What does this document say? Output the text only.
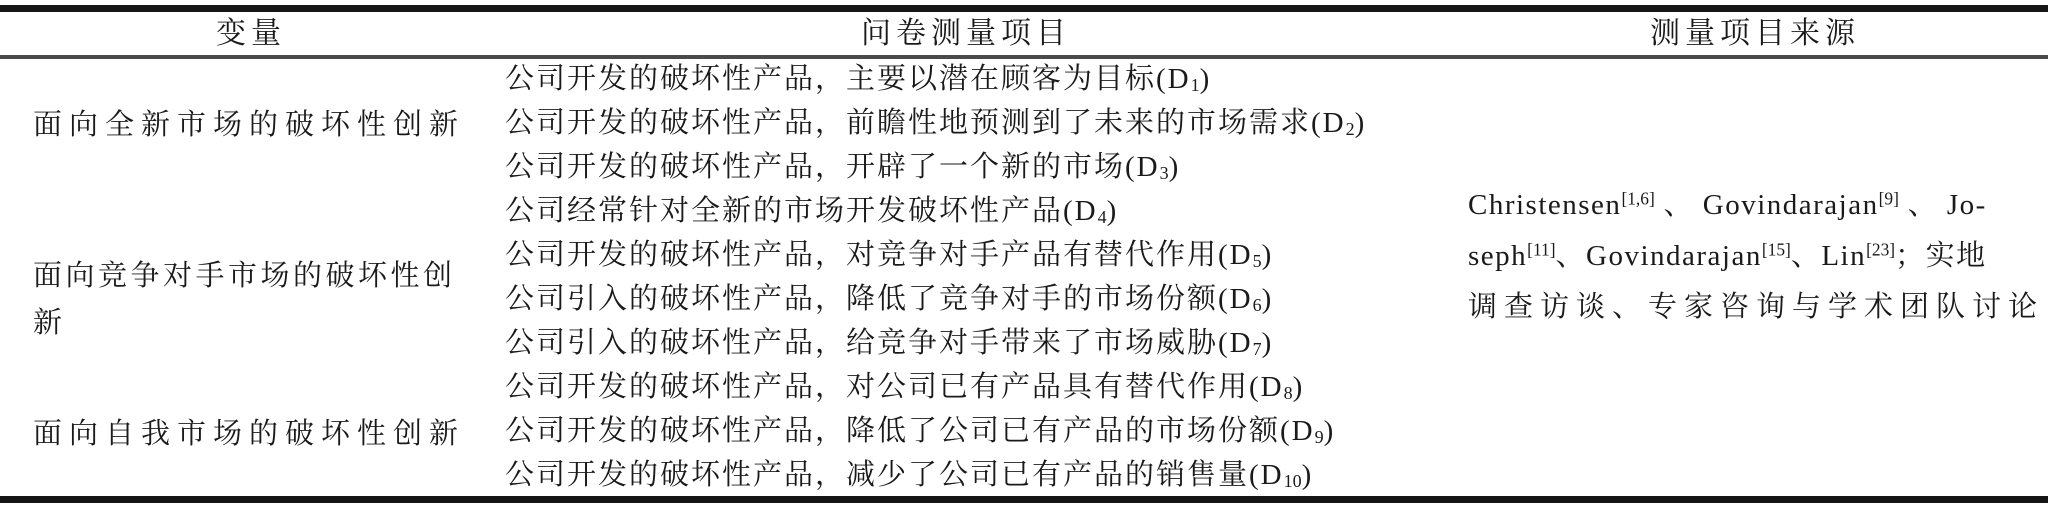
变量	问卷测量项目	测量项目来源
面向全新市场的破坏性创新
面向竞争对手市场的破坏性创新
面向自我市场的破坏性创新
公司开发的破坏性产品，主要以潜在顾客为目标$(D_1)$
公司开发的破坏性产品，前瞻性地预测到了未来的市场需求$(D_2)$
公司开发的破坏性产品，开辟了一个新的市场$(D_3)$
公司经常针对全新的市场开发破坏性产品$(D_4)$
公司开发的破坏性产品，对竞争对手产品有替代作用$(D_5)$
公司引入的破坏性产品，降低了竞争对手的市场份额$(D_6)$
公司引入的破坏性产品，给竞争对手带来了市场威胁$(D_7)$
公司开发的破坏性产品，对公司已有产品具有替代作用$(D_8)$
公司开发的破坏性产品，降低了公司已有产品的市场份额$(D_9)$
公司开发的破坏性产品，减少了公司已有产品的销售量$(D_{10})$
Christensen[1,6] 、 Govindarajan[9] 、 Jo-
seph[11]、Govindarajan[15]、Lin[23]；实地
调查访谈、专家咨询与学术团队讨论
